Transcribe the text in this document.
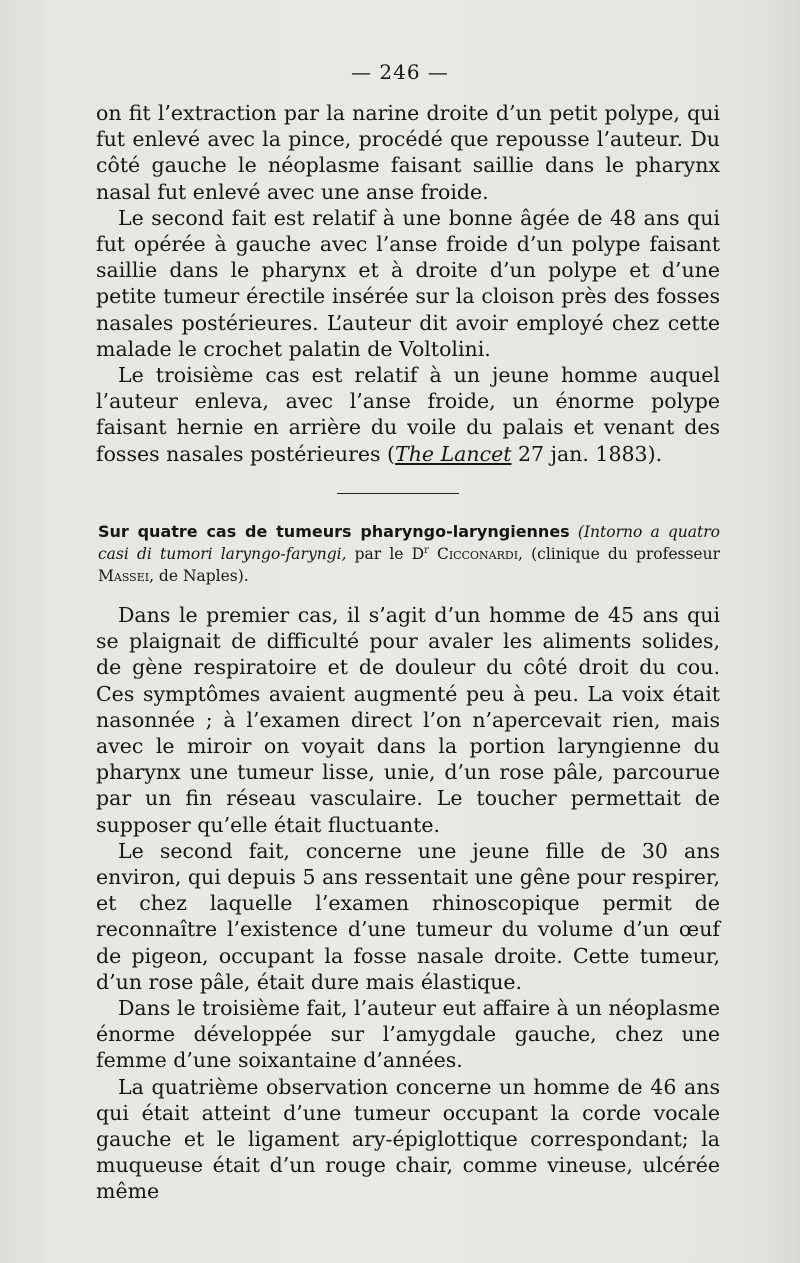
— 246 —

on fit l’extraction par la narine droite d’un petit polype, qui fut enlevé avec la pince, procédé que repousse l’auteur. Du côté gauche le néoplasme faisant saillie dans le pharynx nasal fut enlevé avec une anse froide.

Le second fait est relatif à une bonne âgée de 48 ans qui fut opérée à gauche avec l’anse froide d’un polype faisant saillie dans le pharynx et à droite d’un polype et d’une petite tumeur érectile insérée sur la cloison près des fosses nasales postérieures. L’auteur dit avoir employé chez cette malade le crochet palatin de Voltolini.

Le troisième cas est relatif à un jeune homme auquel l’auteur enleva, avec l’anse froide, un énorme polype faisant hernie en arrière du voile du palais et venant des fosses nasales postérieures (The Lancet 27 jan. 1883).

Sur quatre cas de tumeurs pharyngo-laryngiennes (Intorno a quatro casi di tumori laryngo-faryngi, par le $D^r$ Cicconardi, (clinique du professeur Massei, de Naples).

Dans le premier cas, il s’agit d’un homme de 45 ans qui se plaignait de difficulté pour avaler les aliments solides, de gène respiratoire et de douleur du côté droit du cou. Ces symptômes avaient augmenté peu à peu. La voix était nasonnée ; à l’examen direct l’on n’apercevait rien, mais avec le miroir on voyait dans la portion laryngienne du pharynx une tumeur lisse, unie, d’un rose pâle, parcourue par un fin réseau vasculaire. Le toucher permettait de supposer qu’elle était fluctuante.

Le second fait, concerne une jeune fille de 30 ans environ, qui depuis 5 ans ressentait une gêne pour respirer, et chez laquelle l’examen rhinoscopique permit de reconnaître l’existence d’une tumeur du volume d’un œuf de pigeon, occupant la fosse nasale droite. Cette tumeur, d’un rose pâle, était dure mais élastique.

Dans le troisième fait, l’auteur eut affaire à un néoplasme énorme développée sur l’amygdale gauche, chez une femme d’une soixantaine d’années.

La quatrième observation concerne un homme de 46 ans qui était atteint d’une tumeur occupant la corde vocale gauche et le ligament ary-épiglottique correspondant; la muqueuse était d’un rouge chair, comme vineuse, ulcérée même
